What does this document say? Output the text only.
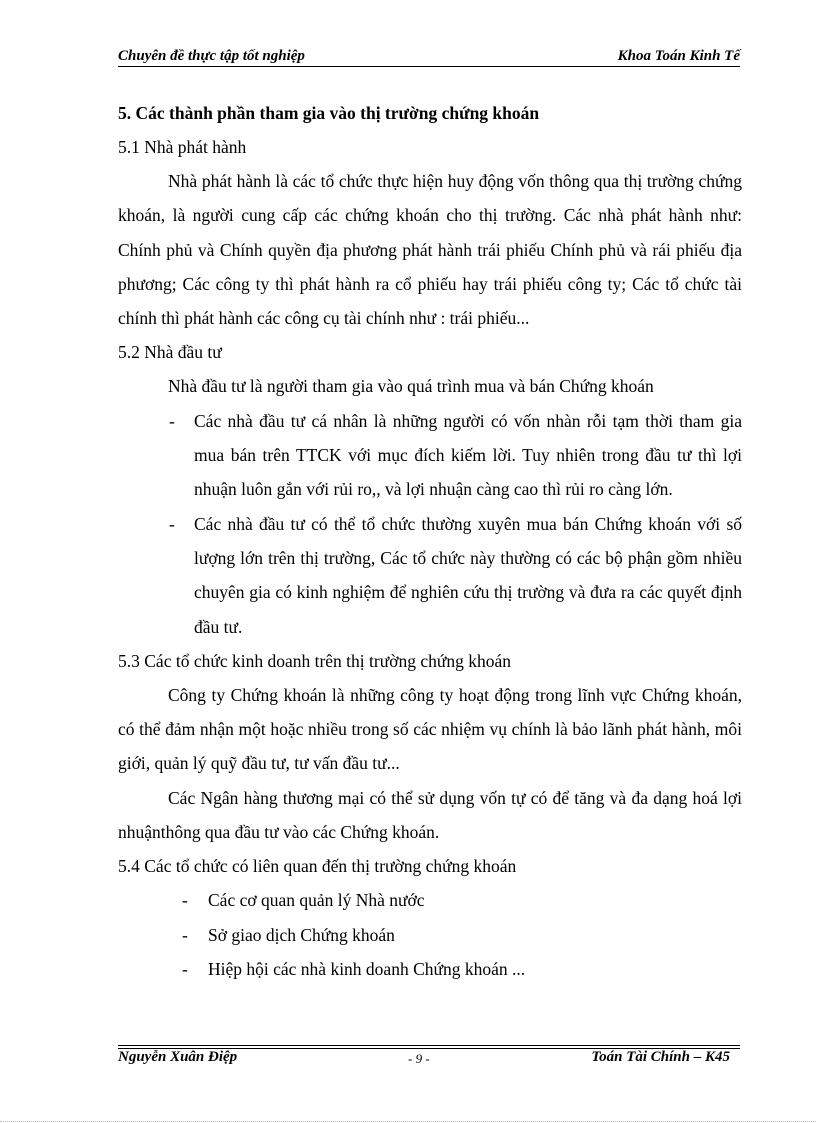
Chuyên đề thực tập tốt nghiệp	Khoa Toán Kinh Tế

5. Các thành phần tham gia vào thị trường chứng khoán

5.1 Nhà phát hành

Nhà phát hành là các tổ chức thực hiện huy động vốn thông qua thị trường chứng khoán, là người cung cấp các chứng khoán cho thị trường. Các nhà phát hành như: Chính phủ và Chính quyền địa phương phát hành trái phiếu Chính phủ và rái phiếu địa phương; Các công ty thì phát hành ra cổ phiếu hay trái phiếu công ty; Các tổ chức tài chính thì phát hành các công cụ tài chính như : trái phiếu...

5.2 Nhà đầu tư

Nhà đầu tư là người tham gia vào quá trình mua và bán Chứng khoán

- Các nhà đầu tư cá nhân là những người có vốn nhàn rỗi tạm thời tham gia mua bán trên TTCK với mục đích kiếm lời. Tuy nhiên trong đầu tư thì lợi nhuận luôn gắn với rủi ro,, và lợi nhuận càng cao thì rủi ro càng lớn.
- Các nhà đầu tư có thể tổ chức thường xuyên mua bán Chứng khoán với số lượng lớn trên thị trường, Các tổ chức này thường có các bộ phận gồm nhiều chuyên gia có kinh nghiệm để nghiên cứu thị trường và đưa ra các quyết định đầu tư.

5.3 Các tổ chức kinh doanh trên thị trường chứng khoán

Công ty Chứng khoán là những công ty hoạt động trong lĩnh vực Chứng khoán, có thể đảm nhận một hoặc nhiều trong số các nhiệm vụ chính là bảo lãnh phát hành, môi giới, quản lý quỹ đầu tư, tư vấn đầu tư...

Các Ngân hàng thương mại có thể sử dụng vốn tự có để tăng và đa dạng hoá lợi nhuậnthông qua đầu tư vào các Chứng khoán.

5.4 Các tổ chức có liên quan đến thị trường chứng khoán

- Các cơ quan quản lý Nhà nước
- Sở giao dịch Chứng khoán
- Hiệp hội các nhà kinh doanh Chứng khoán ...
Nguyễn Xuân Điệp	- 9 -	Toán Tài Chính – K45
